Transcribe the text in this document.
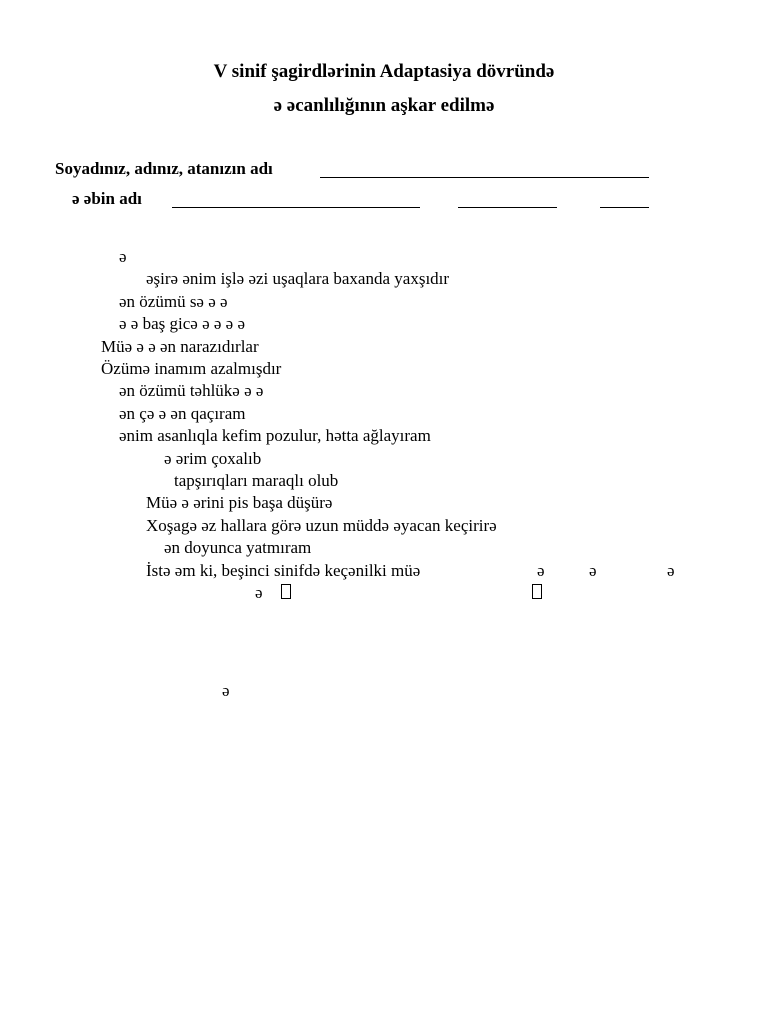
V sinif şagirdlərinin Adaptasiya dövründə
ə əcanlılığının aşkar edilmə
Soyadınız, adınız, atanızın adı
ə əbin adı
ə
əşirə ənim işlə əzi uşaqlara baxanda yaxşıdır
ən özümü sə ə ə
ə ə baş gicə ə ə ə ə
Müə ə ə ən narazıdırlar
Özümə inamım azalmışdır
ən özümü təhlükə ə ə
ən çə ə ən qaçıram
ənim asanlıqla kefim pozulur, hətta ağlayıram
ə ərim çoxalıb
tapşırıqları maraqlı olub
Müə ə ərini pis başa düşürə
Xoşagə əz hallara görə uzun müddə əyacan keçirirə
ən doyunca yatmıram
İstə əm ki, beşinci sinifdə keçənilki müə	ə	ə	ə
ə
ə
